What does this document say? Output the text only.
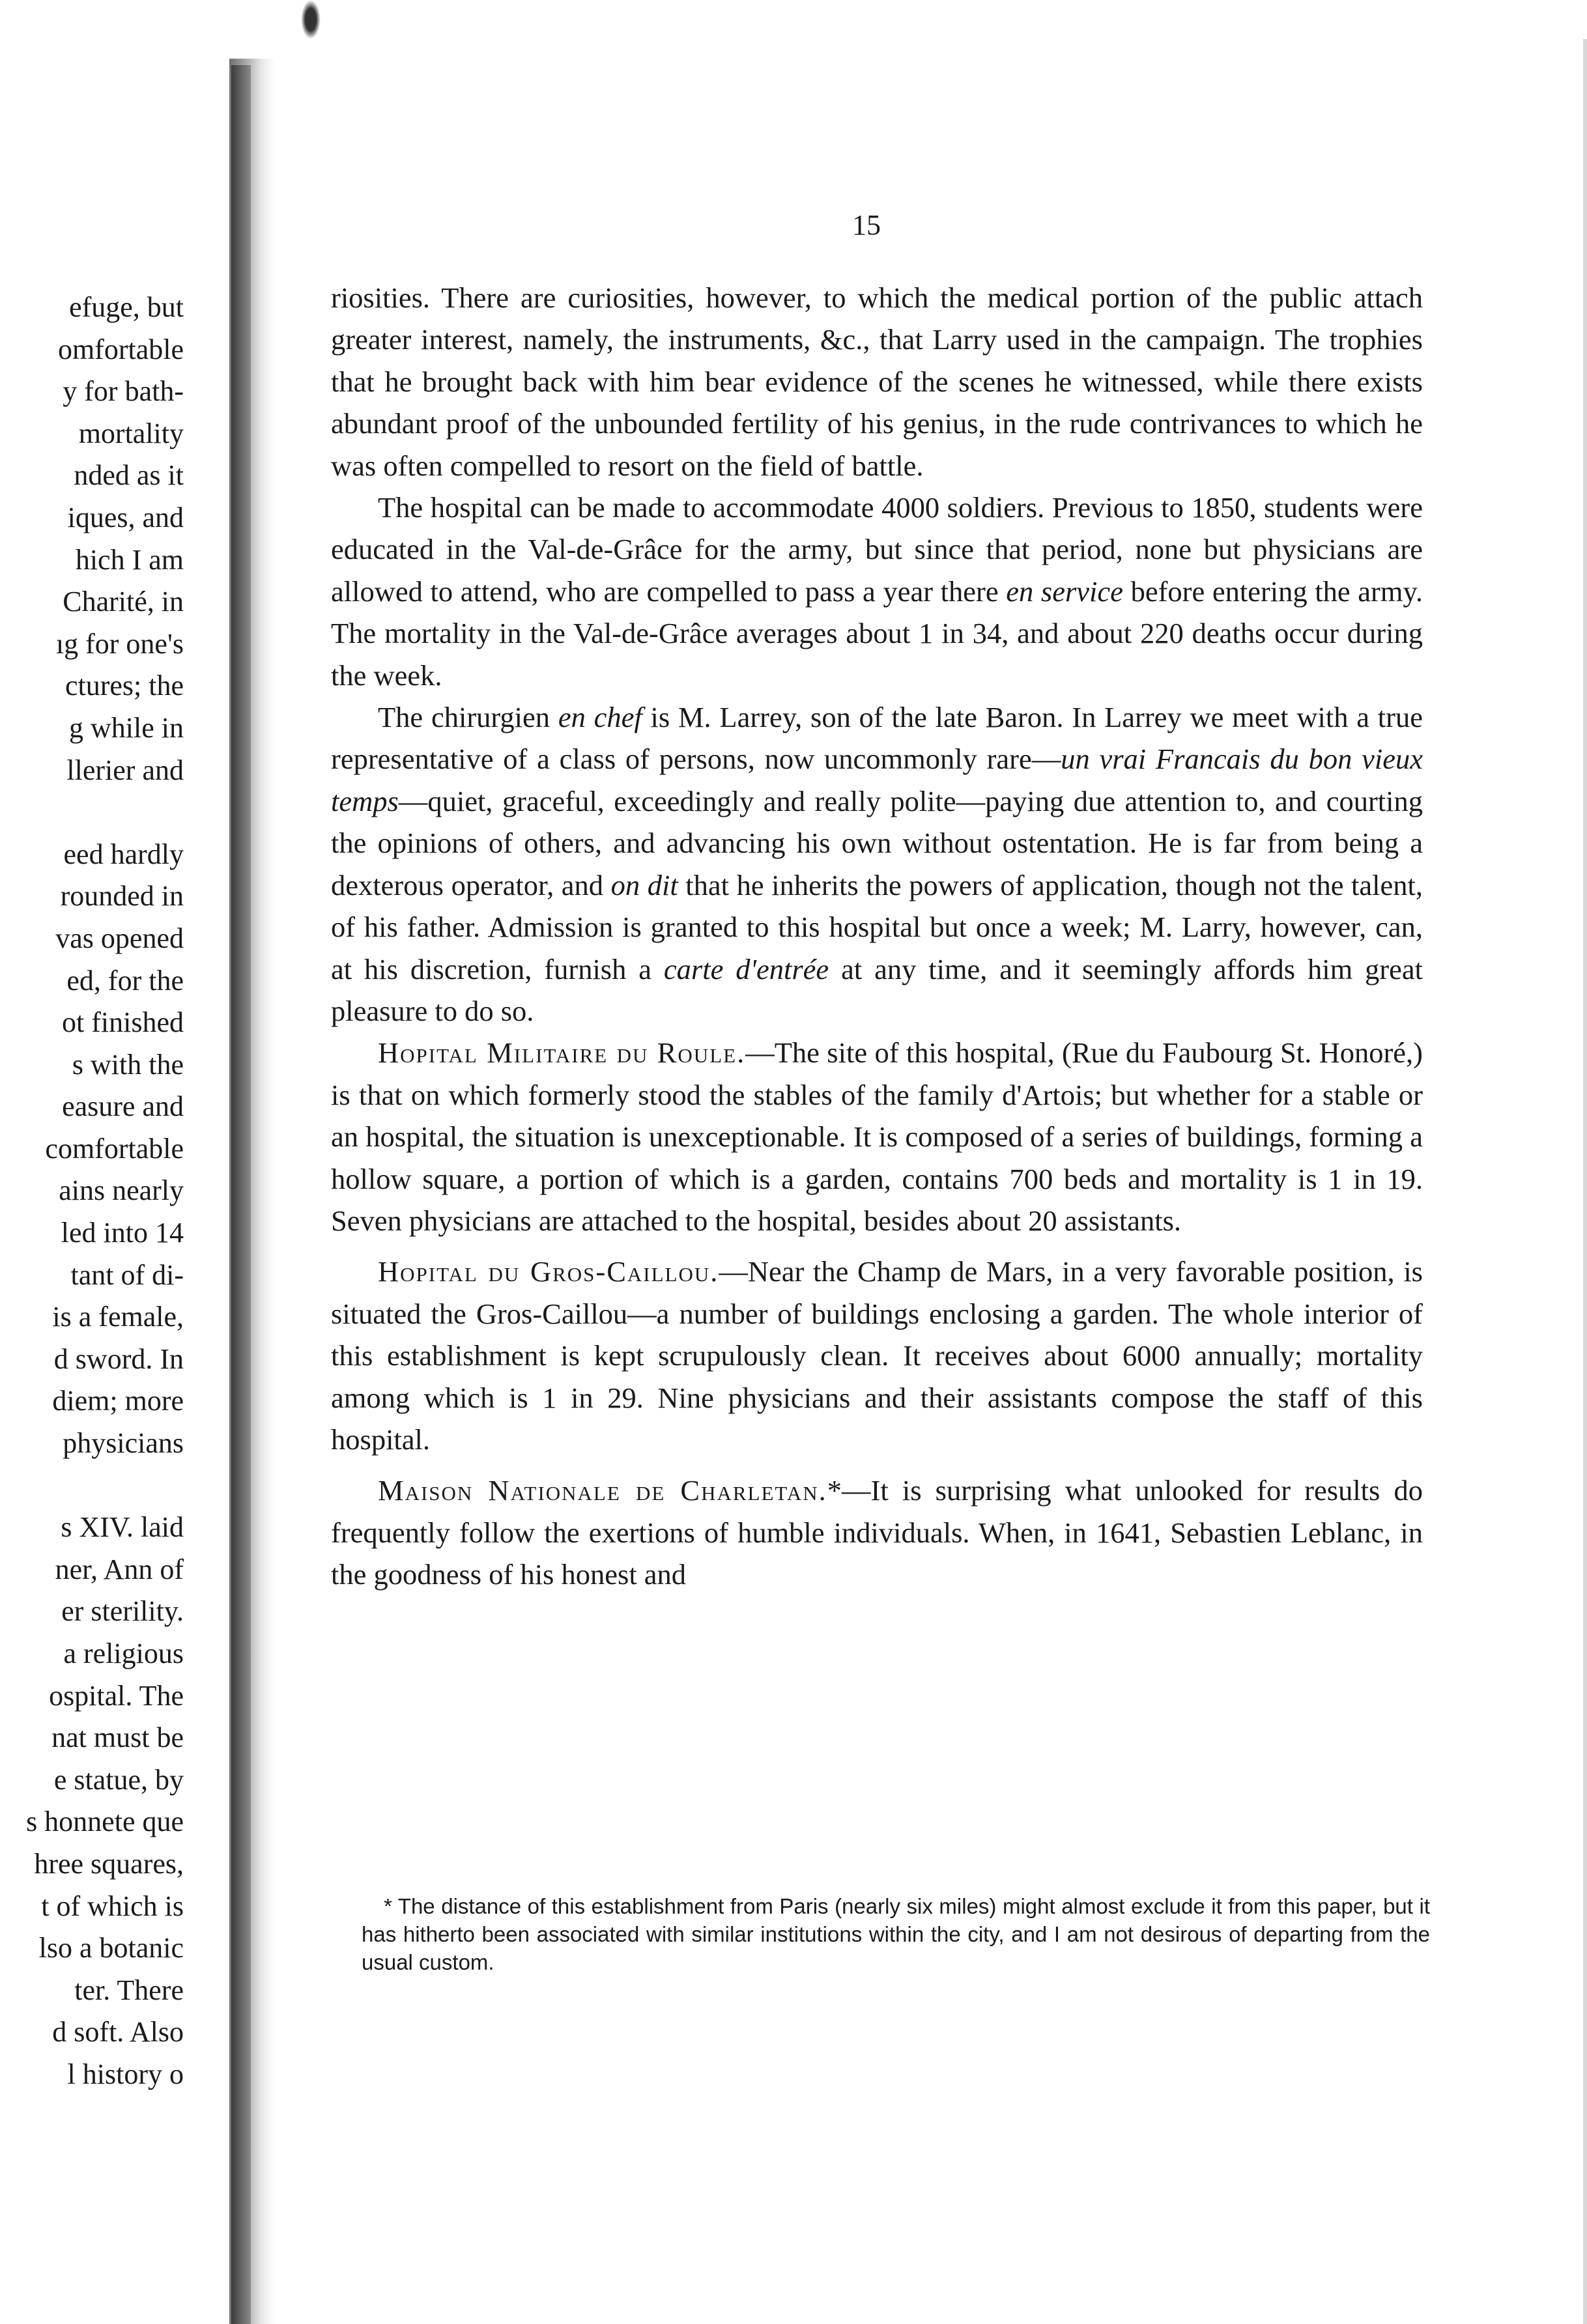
efuge, but
omfortable
y for bath-
mortality
nded as it
iques, and
hich I am
Charité, in
ıg for one's
ctures; the
g while in
llerier and
eed hardly
rounded in
vas opened
ed, for the
ot finished
s with the
easure and
comfortable
ains nearly
led into 14
tant of di-
is a female,
d sword. In
diem; more
physicians
s XIV. laid
ner, Ann of
er sterility.
a religious
ospital. The
nat must be
e statue, by
s honnete que
hree squares,
t of which is
lso a botanic
ter. There
d soft. Also
l history o
15

riosities. There are curiosities, however, to which the medical portion of the public attach greater interest, namely, the instruments, &c., that Larry used in the campaign. The trophies that he brought back with him bear evidence of the scenes he witnessed, while there exists abundant proof of the unbounded fertility of his genius, in the rude contrivances to which he was often compelled to resort on the field of battle.

The hospital can be made to accommodate 4000 soldiers. Previous to 1850, students were educated in the Val-de-Grâce for the army, but since that period, none but physicians are allowed to attend, who are compelled to pass a year there en service before entering the army. The mortality in the Val-de-Grâce averages about 1 in 34, and about 220 deaths occur during the week.

The chirurgien en chef is M. Larrey, son of the late Baron. In Larrey we meet with a true representative of a class of persons, now uncommonly rare—un vrai Francais du bon vieux temps—quiet, graceful, exceedingly and really polite—paying due attention to, and courting the opinions of others, and advancing his own without ostentation. He is far from being a dexterous operator, and on dit that he inherits the powers of application, though not the talent, of his father. Admission is granted to this hospital but once a week; M. Larry, however, can, at his discretion, furnish a carte d'entrée at any time, and it seemingly affords him great pleasure to do so.

Hopital Militaire du Roule.—The site of this hospital, (Rue du Faubourg St. Honoré,) is that on which formerly stood the stables of the family d'Artois; but whether for a stable or an hospital, the situation is unexceptionable. It is composed of a series of buildings, forming a hollow square, a portion of which is a garden, contains 700 beds and mortality is 1 in 19. Seven physicians are attached to the hospital, besides about 20 assistants.

Hopital du Gros-Caillou.—Near the Champ de Mars, in a very favorable position, is situated the Gros-Caillou—a number of buildings enclosing a garden. The whole interior of this establishment is kept scrupulously clean. It receives about 6000 annually; mortality among which is 1 in 29. Nine physicians and their assistants compose the staff of this hospital.

Maison Nationale de Charletan.*—It is surprising what unlooked for results do frequently follow the exertions of humble individuals. When, in 1641, Sebastien Leblanc, in the goodness of his honest and

* The distance of this establishment from Paris (nearly six miles) might almost exclude it from this paper, but it has hitherto been associated with similar institutions within the city, and I am not desirous of departing from the usual custom.
